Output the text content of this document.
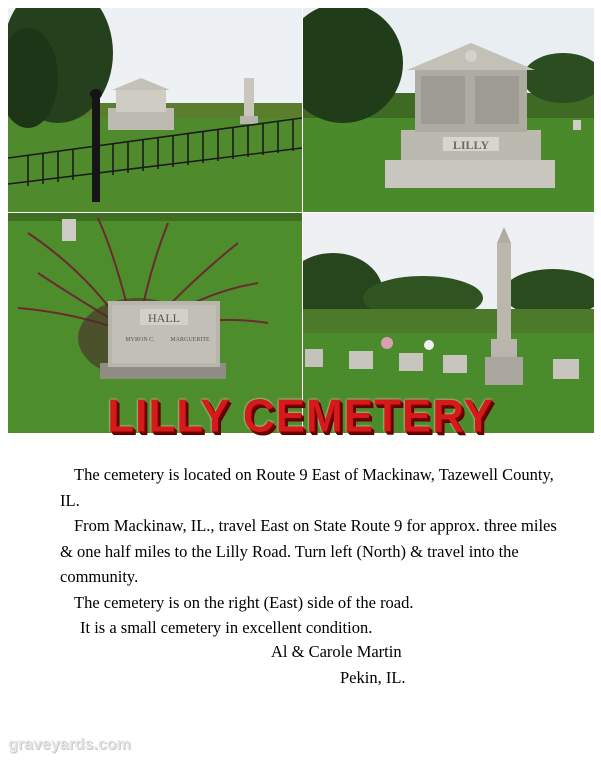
LILLY
HALL
MYRON C.	MARGUERITE
LILLY CEMETERY

The cemetery is located on Route 9 East of Mackinaw, Tazewell County, IL.

From Mackinaw, IL., travel East on State Route 9 for approx. three miles & one half miles to the Lilly Road. Turn left (North) & travel into the community.

The cemetery is on the right (East) side of the road.

It is a small cemetery in excellent condition.

Al & Carole Martin
Pekin, IL.
graveyards.com
